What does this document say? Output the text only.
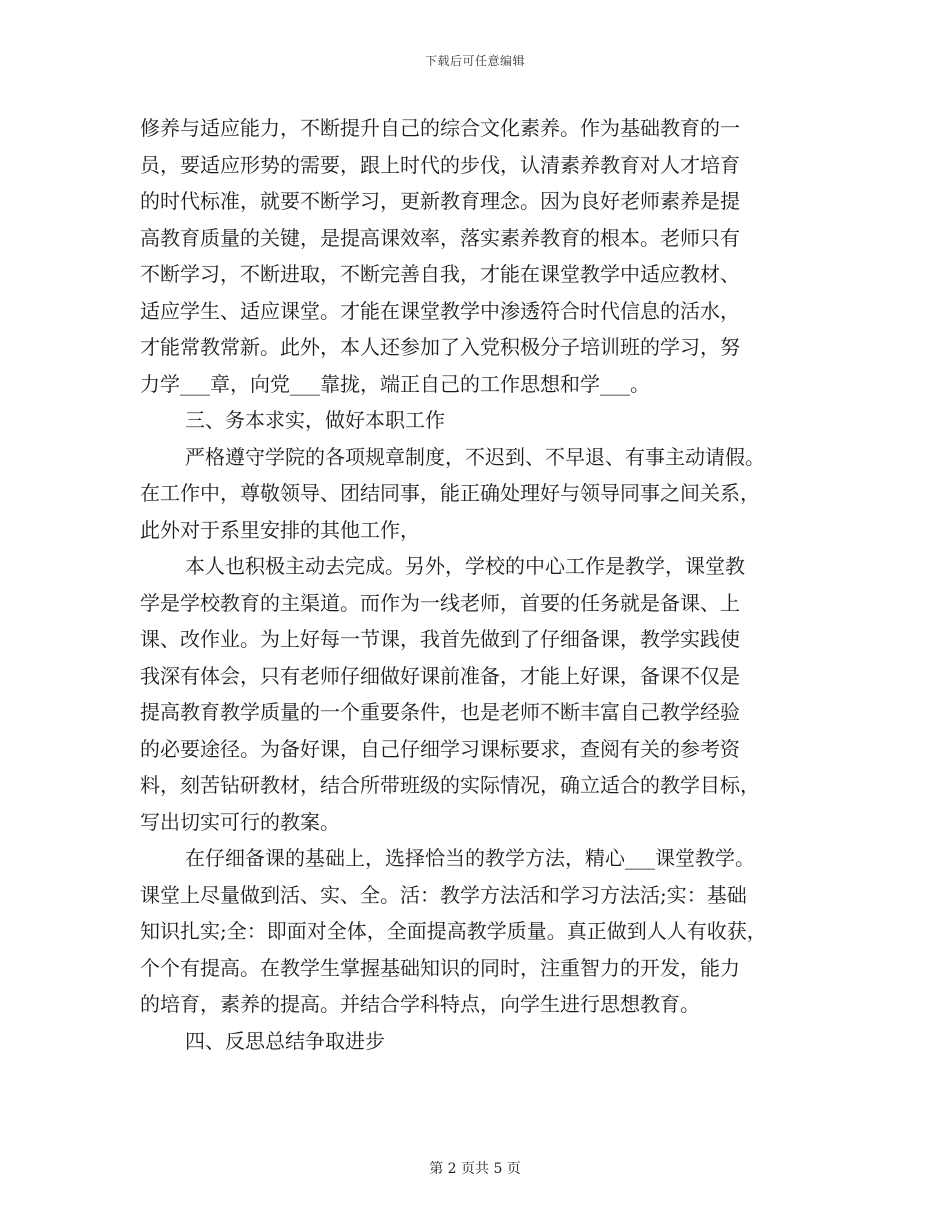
下载后可任意编辑
修养与适应能力，不断提升自己的综合文化素养。作为基础教育的一
员，要适应形势的需要，跟上时代的步伐，认清素养教育对人才培育
的时代标准，就要不断学习，更新教育理念。因为良好老师素养是提
高教育质量的关键，是提高课效率，落实素养教育的根本。老师只有
不断学习，不断进取，不断完善自我，才能在课堂教学中适应教材、
适应学生、适应课堂。才能在课堂教学中渗透符合时代信息的活水，
才能常教常新。此外，本人还参加了入党积极分子培训班的学习，努
力学___章，向党___靠拢，端正自己的工作思想和学___。
三、务本求实，做好本职工作
严格遵守学院的各项规章制度，不迟到、不早退、有事主动请假。
在工作中，尊敬领导、团结同事，能正确处理好与领导同事之间关系，
此外对于系里安排的其他工作，
本人也积极主动去完成。另外，学校的中心工作是教学，课堂教
学是学校教育的主渠道。而作为一线老师，首要的任务就是备课、上
课、改作业。为上好每一节课，我首先做到了仔细备课，教学实践使
我深有体会，只有老师仔细做好课前准备，才能上好课，备课不仅是
提高教育教学质量的一个重要条件，也是老师不断丰富自己教学经验
的必要途径。为备好课，自己仔细学习课标要求，查阅有关的参考资
料，刻苦钻研教材，结合所带班级的实际情况，确立适合的教学目标，
写出切实可行的教案。
在仔细备课的基础上，选择恰当的教学方法，精心___课堂教学。
课堂上尽量做到活、实、全。活：教学方法活和学习方法活;实：基础
知识扎实;全：即面对全体，全面提高教学质量。真正做到人人有收获，
个个有提高。在教学生掌握基础知识的同时，注重智力的开发，能力
的培育，素养的提高。并结合学科特点，向学生进行思想教育。
四、反思总结争取进步
第 2 页共 5 页
